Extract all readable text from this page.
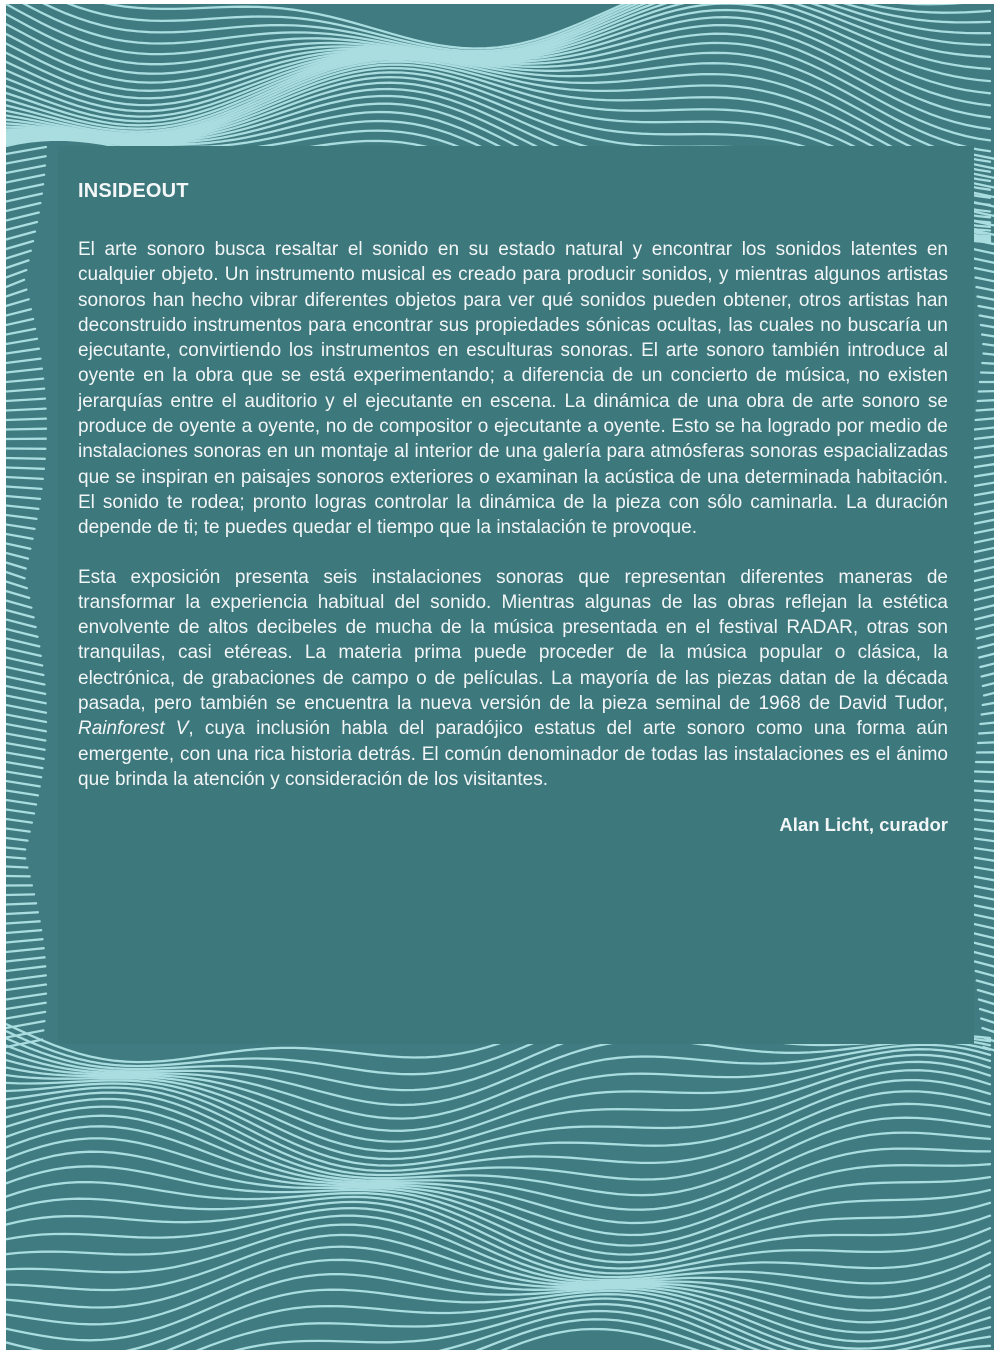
INSIDEOUT

El arte sonoro busca resaltar el sonido en su estado natural y encontrar los sonidos latentes en cualquier objeto. Un instrumento musical es creado para producir sonidos, y mientras algunos artistas sonoros han hecho vibrar diferentes objetos para ver qué sonidos pueden obtener, otros artistas han deconstruido instrumentos para encontrar sus propiedades sónicas ocultas, las cuales no buscaría un ejecutante, convirtiendo los instrumentos en esculturas sonoras. El arte sonoro también introduce al oyente en la obra que se está experimentando; a diferencia de un concierto de música, no existen jerarquías entre el auditorio y el ejecutante en escena. La dinámica de una obra de arte sonoro se produce de oyente a oyente, no de compositor o ejecutante a oyente. Esto se ha logrado por medio de instalaciones sonoras en un montaje al interior de una galería para atmósferas sonoras espacializadas que se inspiran en paisajes sonoros exteriores o examinan la acústica de una determinada habitación. El sonido te rodea; pronto logras controlar la dinámica de la pieza con sólo caminarla. La duración depende de ti; te puedes quedar el tiempo que la instalación te provoque.

Esta exposición presenta seis instalaciones sonoras que representan diferentes maneras de transformar la experiencia habitual del sonido. Mientras algunas de las obras reflejan la estética envolvente de altos decibeles de mucha de la música presentada en el festival RADAR, otras son tranquilas, casi etéreas. La materia prima puede proceder de la música popular o clásica, la electrónica, de grabaciones de campo o de películas. La mayoría de las piezas datan de la década pasada, pero también se encuentra la nueva versión de la pieza seminal de 1968 de David Tudor, Rainforest V, cuya inclusión habla del paradójico estatus del arte sonoro como una forma aún emergente, con una rica historia detrás. El común denominador de todas las instalaciones es el ánimo que brinda la atención y consideración de los visitantes.

Alan Licht, curador
